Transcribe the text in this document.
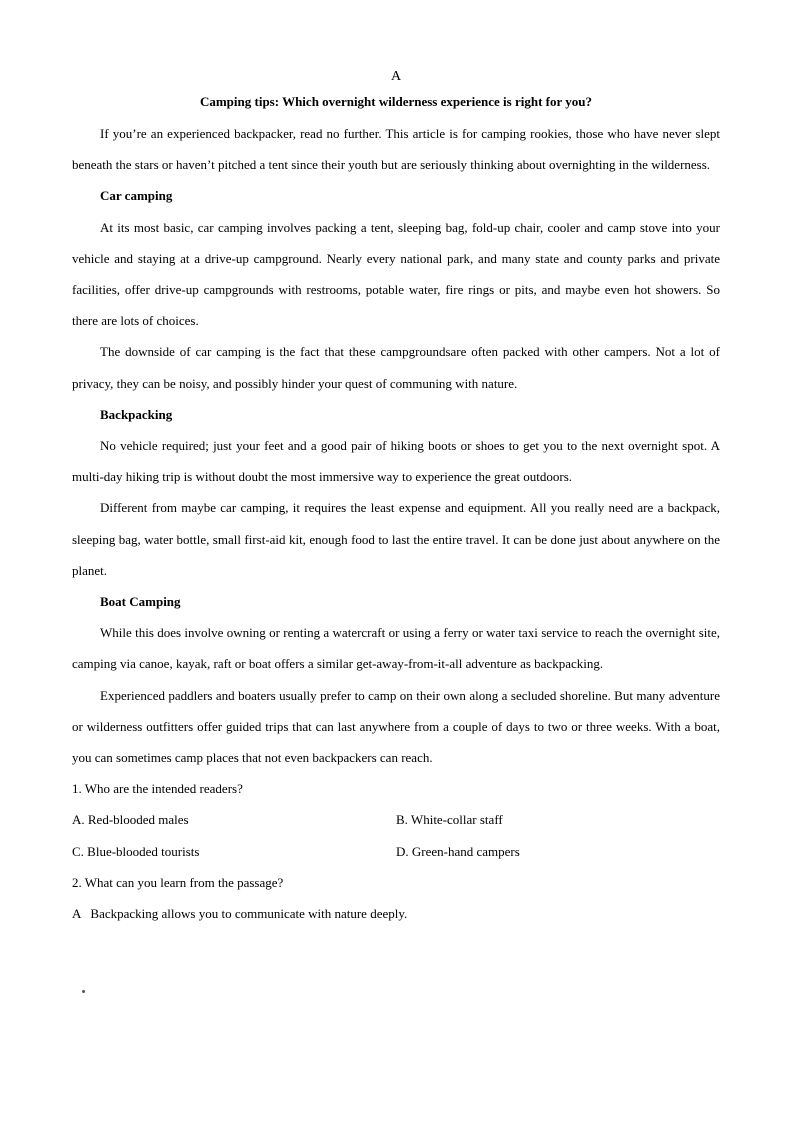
A
Camping tips: Which overnight wilderness experience is right for you?

If you’re an experienced backpacker, read no further. This article is for camping rookies, those who have never slept beneath the stars or haven’t pitched a tent since their youth but are seriously thinking about overnighting in the wilderness.

Car camping

At its most basic, car camping involves packing a tent, sleeping bag, fold-up chair, cooler and camp stove into your vehicle and staying at a drive-up campground. Nearly every national park, and many state and county parks and private facilities, offer drive-up campgrounds with restrooms, potable water, fire rings or pits, and maybe even hot showers. So there are lots of choices.

The downside of car camping is the fact that these campgroundsare often packed with other campers. Not a lot of privacy, they can be noisy, and possibly hinder your quest of communing with nature.

Backpacking

No vehicle required; just your feet and a good pair of hiking boots or shoes to get you to the next overnight spot. A multi-day hiking trip is without doubt the most immersive way to experience the great outdoors.

Different from maybe car camping, it requires the least expense and equipment. All you really need are a backpack, sleeping bag, water bottle, small first-aid kit, enough food to last the entire travel. It can be done just about anywhere on the planet.

Boat Camping

While this does involve owning or renting a watercraft or using a ferry or water taxi service to reach the overnight site, camping via canoe, kayak, raft or boat offers a similar get-away-from-it-all adventure as backpacking.

Experienced paddlers and boaters usually prefer to camp on their own along a secluded shoreline. But many adventure or wilderness outfitters offer guided trips that can last anywhere from a couple of days to two or three weeks. With a boat, you can sometimes camp places that not even backpackers can reach.

1. Who are the intended readers?

A. Red-blooded males	B. White-collar staff
C. Blue-blooded tourists	D. Green-hand campers

2. What can you learn from the passage?

A   Backpacking allows you to communicate with nature deeply.
